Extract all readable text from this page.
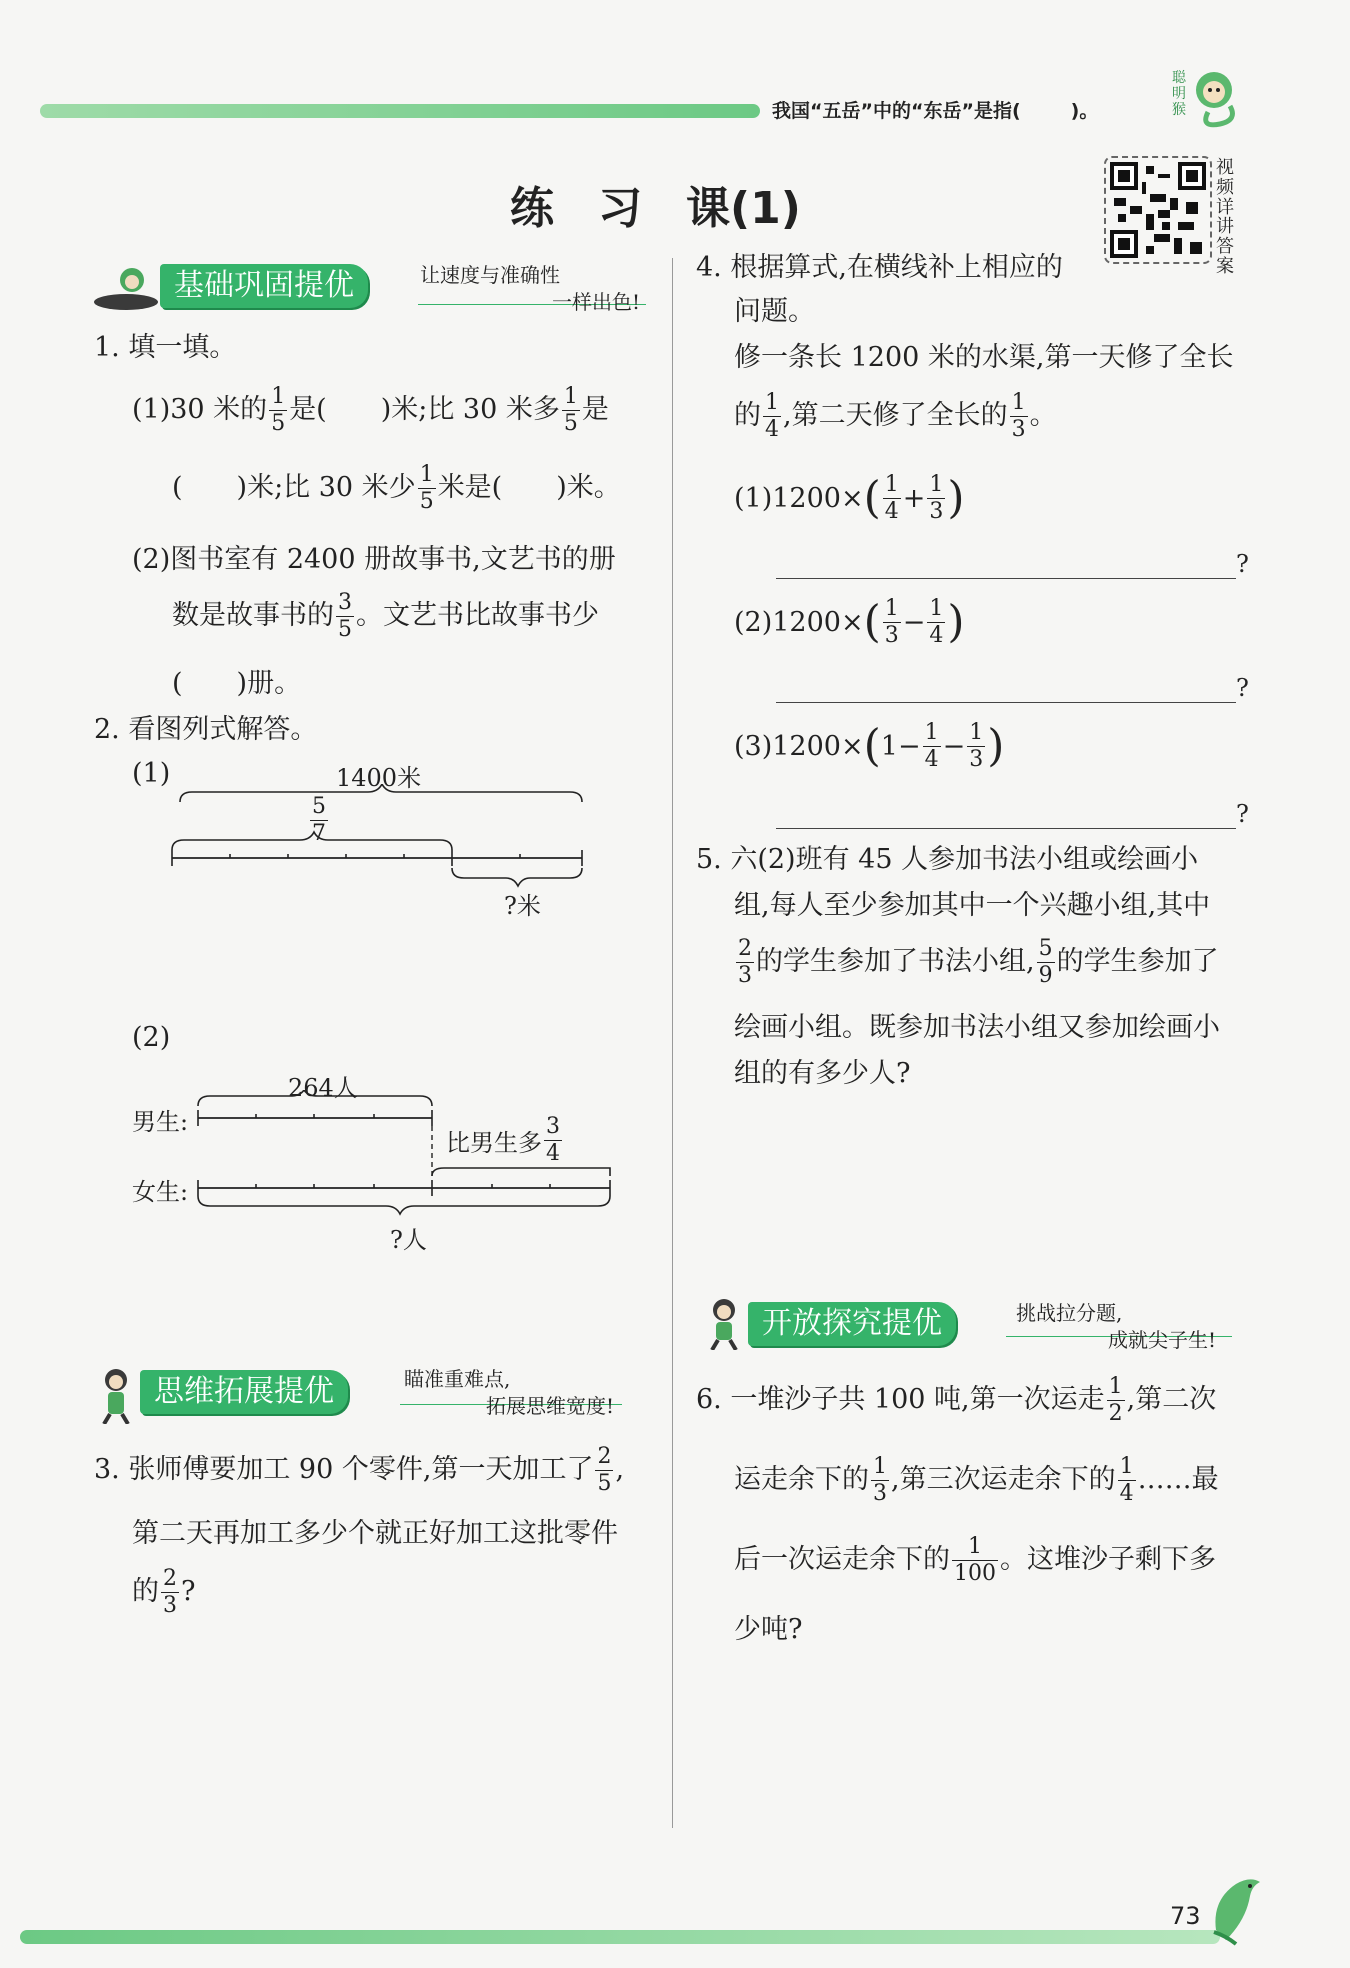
我国“五岳”中的“东岳”是指(	)。
聪明猴
练　习　课(1)
视频详讲答案
基础巩固提优	让速度与准确性
一样出色!
1. 填一填。
(1)30 米的 $\frac{1}{5}$ 是(　　)米;比 30 米多 $\frac{1}{5}$ 是
(　　)米;比 30 米少 $\frac{1}{5}$ 米是(　　)米。
(2)图书室有 2400 册故事书,文艺书的册
数是故事书的 $\frac{3}{5}$ 。文艺书比故事书少
(　　)册。
2. 看图列式解答。
(1)	1400米
$\frac{5}{7}$
?米
(2)
264人
男生:
女生:
比男生多 $\frac{3}{4}$
?人
思维拓展提优	瞄准重难点,
拓展思维宽度!
3. 张师傅要加工 90 个零件,第一天加工了 $\frac{2}{5}$ ,
第二天再加工多少个就正好加工这批零件
的 $\frac{2}{3}$ ?
4. 根据算式,在横线补上相应的
问题。
修一条长 1200 米的水渠,第一天修了全长
的 $\frac{1}{4}$ ,第二天修了全长的 $\frac{1}{3}$ 。
$(1)1200\times( \frac{1}{4} + \frac{1}{3}$ )
?
$(2)1200\times( \frac{1}{3} - \frac{1}{4}$ )
?
$(3)1200\times(1- \frac{1}{4} - \frac{1}{3}$ )
?
5. 六(2)班有 45 人参加书法小组或绘画小
组,每人至少参加其中一个兴趣小组,其中
$\frac{2}{3}$ 的学生参加了书法小组, $\frac{5}{9}$ 的学生参加了
绘画小组。既参加书法小组又参加绘画小
组的有多少人?
开放探究提优	挑战拉分题,
成就尖子生!
6. 一堆沙子共 100 吨,第一次运走 $\frac{1}{2}$ ,第二次
运走余下的 $\frac{1}{3}$ ,第三次运走余下的 $\frac{1}{4}$ ……最
后一次运走余下的 $\frac{1}{100}$ 。这堆沙子剩下多
少吨?
73
